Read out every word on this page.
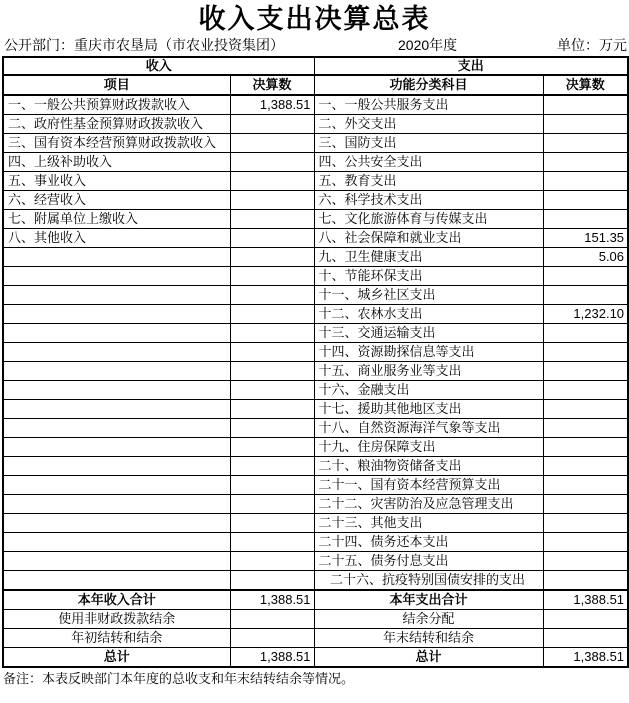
收入支出决算总表
公开部门：重庆市农垦局（市农业投资集团）	2020年度	单位：万元
收入		支出	
项目	决算数	功能分类科目	决算数
一、一般公共预算财政拨款收入	1,388.51	一、一般公共服务支出	
二、政府性基金预算财政拨款收入		二、外交支出	
三、国有资本经营预算财政拨款收入		三、国防支出	
四、上级补助收入		四、公共安全支出	
五、事业收入		五、教育支出	
六、经营收入		六、科学技术支出	
七、附属单位上缴收入		七、文化旅游体育与传媒支出	
八、其他收入		八、社会保障和就业支出	151.35
		九、卫生健康支出	5.06
		十、节能环保支出	
		十一、城乡社区支出	
		十二、农林水支出	1,232.10
		十三、交通运输支出	
		十四、资源勘探信息等支出	
		十五、商业服务业等支出	
		十六、金融支出	
		十七、援助其他地区支出	
		十八、自然资源海洋气象等支出	
		十九、住房保障支出	
		二十、粮油物资储备支出	
		二十一、国有资本经营预算支出	
		二十二、灾害防治及应急管理支出	
		二十三、其他支出	
		二十四、债务还本支出	
		二十五、债务付息支出	
		二十六、抗疫特别国债安排的支出	
本年收入合计	1,388.51	本年支出合计	1,388.51
使用非财政拨款结余		结余分配	
年初结转和结余		年末结转和结余	
总计	1,388.51	总计	1,388.51
备注：本表反映部门本年度的总收支和年末结转结余等情况。
